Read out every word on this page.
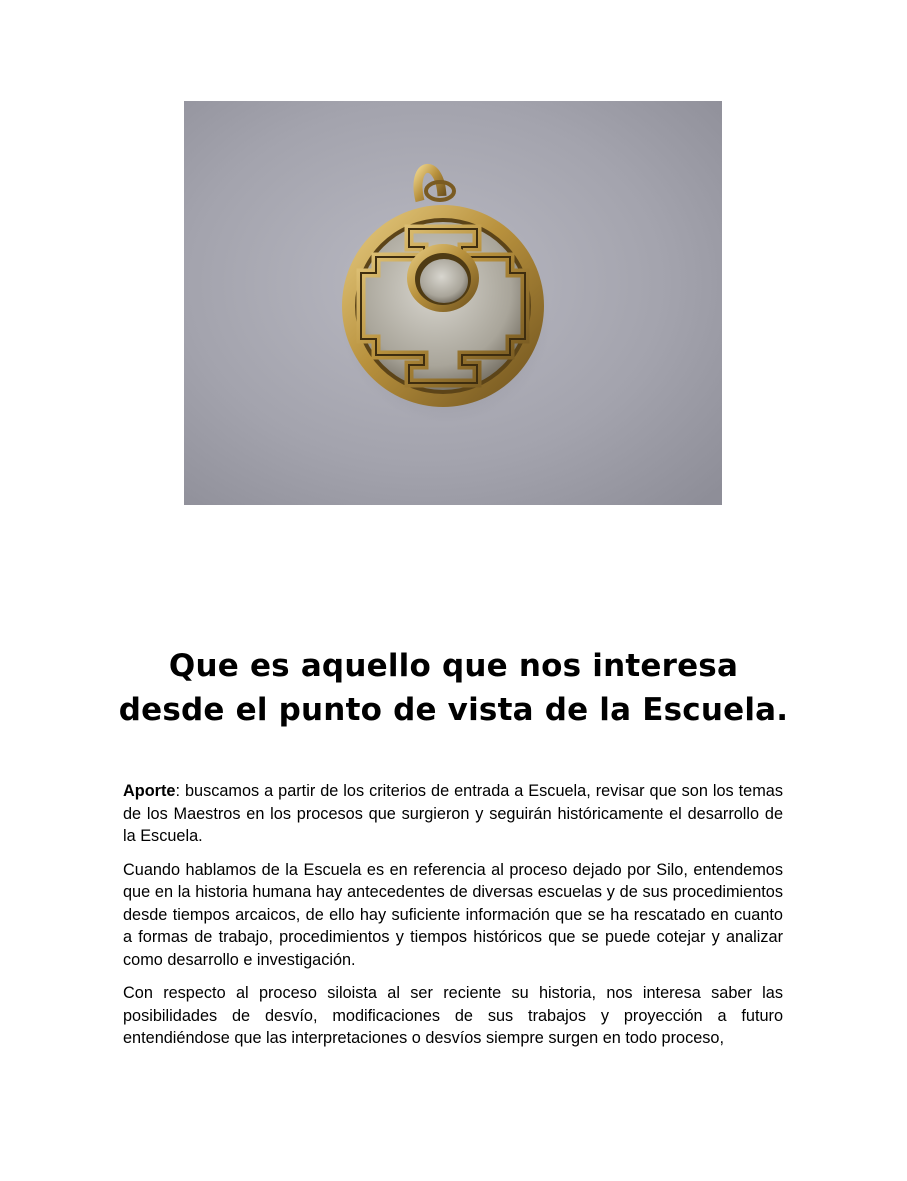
Que es aquello que nos interesa
desde el punto de vista de la Escuela.

Aporte: buscamos a partir de los criterios de entrada a Escuela, revisar que son los temas de los Maestros en los procesos que surgieron y seguirán históricamente el desarrollo de la Escuela.

Cuando hablamos de la Escuela es en referencia al proceso dejado por Silo, entendemos que en la historia humana hay antecedentes de diversas escuelas y de sus procedimientos desde tiempos arcaicos, de ello hay suficiente información que se ha rescatado en cuanto a formas de trabajo, procedimientos y tiempos históricos que se puede cotejar y analizar como desarrollo e investigación.

Con respecto al proceso siloista al ser reciente su historia, nos interesa saber las posibilidades de desvío, modificaciones de sus trabajos y proyección a futuro entendiéndose que las interpretaciones o desvíos siempre surgen en todo proceso,
